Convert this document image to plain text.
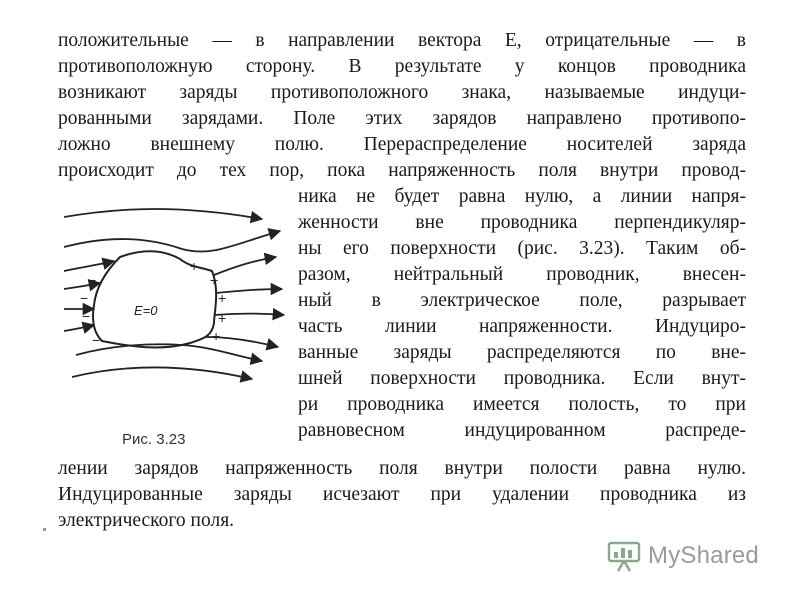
положительные — в направлении вектора E, отрицательные — в
противоположную сторону. В результате у концов проводника
возникают заряды противоположного знака, называемые индуци-
рованными зарядами. Поле этих зарядов направлено противопо-
ложно внешнему полю. Перераспределение носителей заряда
происходит до тех пор, пока напряженность поля внутри провод-
ника не будет равна нулю, а линии напря-
женности вне проводника перпендикуляр-
ны его поверхности (рис. 3.23). Таким об-
разом, нейтральный проводник, внесен-
ный в электрическое поле, разрывает
часть линии напряженности. Индуциро-
ванные заряды распределяются по вне-
шней поверхности проводника. Если внут-
ри проводника имеется полость, то при
равновесном индуцированном распреде-
лении зарядов напряженность поля внутри полости равна нулю.
Индуцированные заряды исчезают при удалении проводника из
электрического поля.
E=0
−
−
−
−
−
+
+
+
+
+
Рис. 3.23
MyShared
